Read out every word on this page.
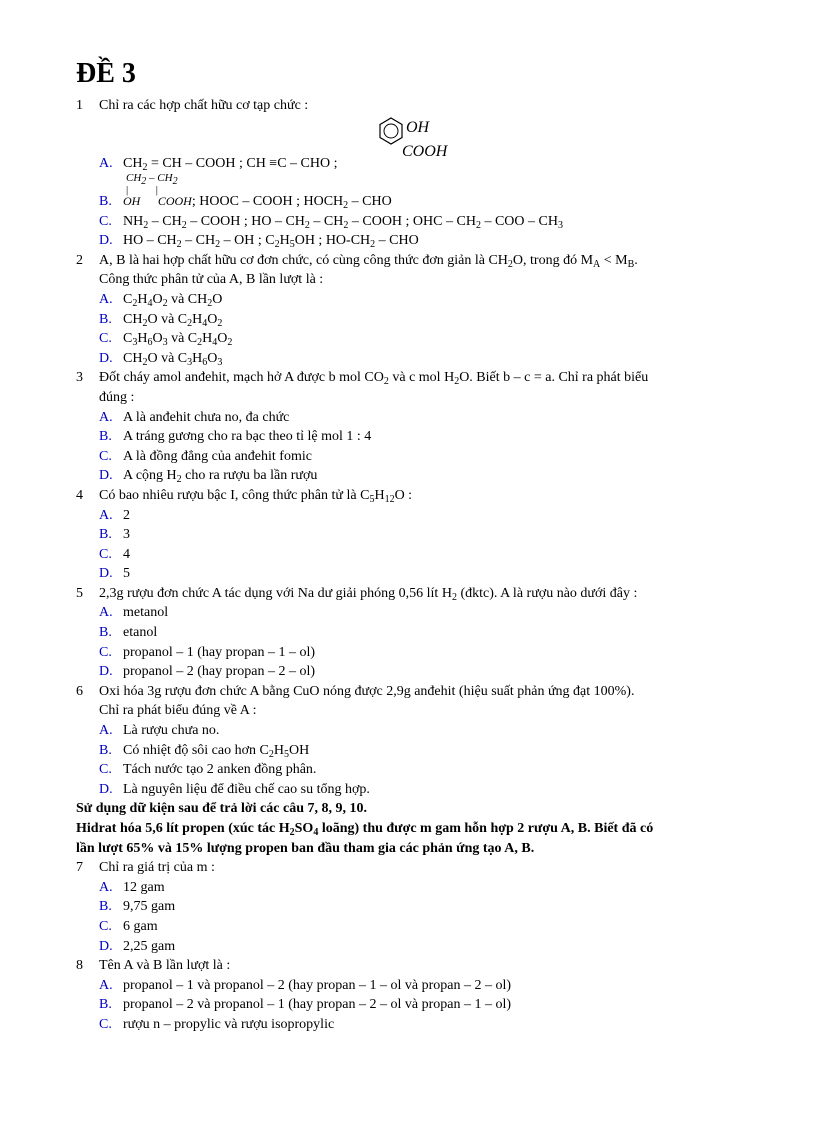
ĐỀ 3
1	Chỉ ra các hợp chất hữu cơ tạp chức :
OH
COOH
A. $CH_2$ = CH – COOH ; CH ≡C – CHO ;
$CH_2 - CH_2$
|          |
B. OH COOH; HOOC – COOH ; $HOCH_2$ – CHO
C. $NH_2 - CH_2$ – COOH ; HO – $CH_2 - CH_2$ – COOH ; OHC – $CH_2$ – COO – $CH_3$
D. HO – $CH_2 - CH_2$ – OH ; $C_2H_5OH$ ; $HO-CH_2$ – CHO
2	A, B là hai hợp chất hữu cơ đơn chức, có cùng công thức đơn giản là $CH_2O$, trong đó $M_A < M_B$.
Công thức phân tử của A, B lần lượt là :
A. $C_2H_4O_2$ và $CH_2O$
B. $CH_2O$ và $C_2H_4O_2$
C. $C_3H_6O_3$ và $C_2H_4O_2$
D. $CH_2O$ và $C_3H_6O_3$
3	Đốt cháy amol anđehit, mạch hở A được b mol $CO_2$ và c mol $H_2O$. Biết b – c = a. Chỉ ra phát biểu
đúng :
A. A là anđehit chưa no, đa chức
B. A tráng gương cho ra bạc theo tỉ lệ mol 1 : 4
C. A là đồng đẳng của anđehit fomic
D. A cộng $H_2$ cho ra rượu ba lần rượu
4	Có bao nhiêu rượu bậc I, công thức phân tử là $C_5H_{12}O$ :
A. 2
B. 3
C. 4
D. 5
5	2,3g rượu đơn chức A tác dụng với Na dư giải phóng 0,56 lít $H_2$ (đktc). A là rượu nào dưới đây :
A. metanol
B. etanol
C. propanol – 1 (hay propan – 1 – ol)
D. propanol – 2 (hay propan – 2 – ol)
6	Oxi hóa 3g rượu đơn chức A bằng CuO nóng được 2,9g anđehit (hiệu suất phản ứng đạt 100%).
Chỉ ra phát biểu đúng về A :
A. Là rượu chưa no.
B. Có nhiệt độ sôi cao hơn $C_2H_5OH$
C. Tách nước tạo 2 anken đồng phân.
D. Là nguyên liệu để điều chế cao su tổng hợp.
Sử dụng dữ kiện sau để trả lời các câu 7, 8, 9, 10.
Hidrat hóa 5,6 lít propen (xúc tác $H_2SO_4$ loãng) thu được m gam hỗn hợp 2 rượu A, B. Biết đã có
lần lượt 65% và 15% lượng propen ban đầu tham gia các phản ứng tạo A, B.
7	Chỉ ra giá trị của m :
A. 12 gam
B. 9,75 gam
C. 6 gam
D. 2,25 gam
8	Tên A và B lần lượt là :
A. propanol – 1 và propanol – 2 (hay propan – 1 – ol và propan – 2 – ol)
B. propanol – 2 và propanol – 1 (hay propan – 2 – ol và propan – 1 – ol)
C. rượu n – propylic và rượu isopropylic
